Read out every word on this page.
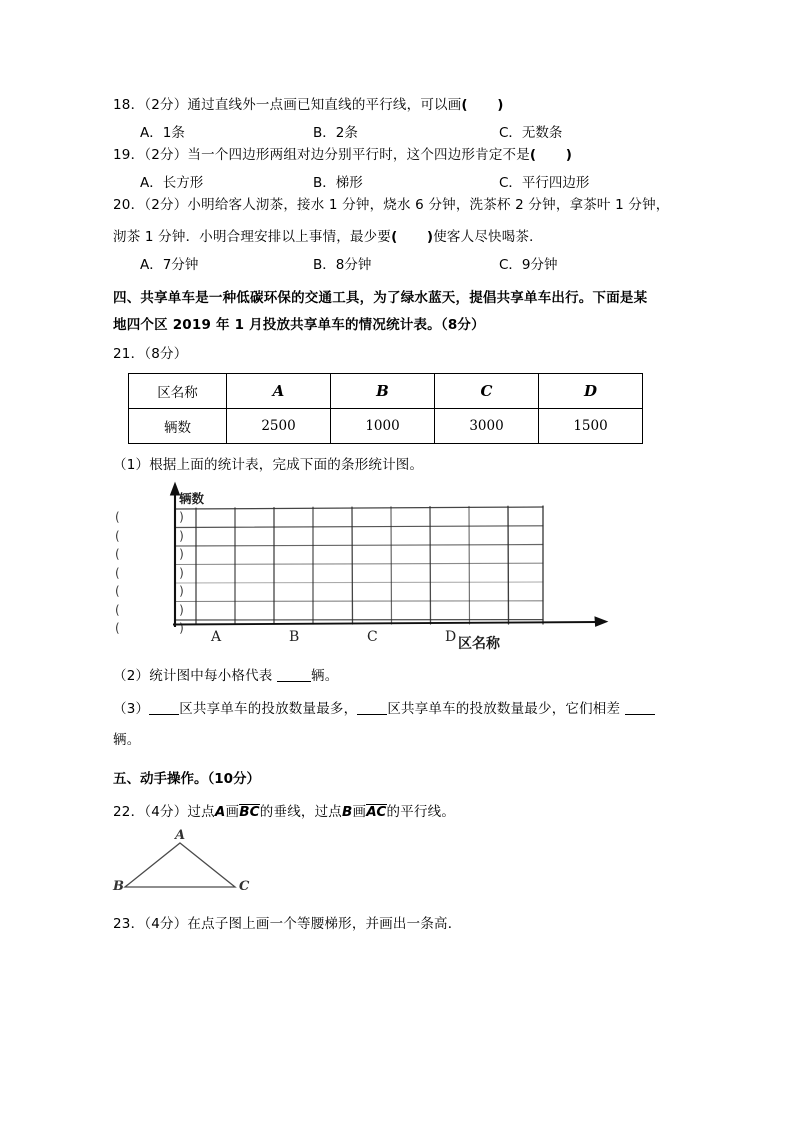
18．（2分）通过直线外一点画已知直线的平行线，可以画(      )
A．1条	B．2条	C．无数条
19．（2分）当一个四边形两组对边分别平行时，这个四边形肯定不是(      )
A．长方形	B．梯形	C．平行四边形
20．（2分）小明给客人沏茶，接水 1 分钟，烧水 6 分钟，洗茶杯 2 分钟，拿茶叶 1 分钟，
沏茶 1 分钟．小明合理安排以上事情，最少要(      )使客人尽快喝茶．
A．7分钟	B．8分钟	C．9分钟
四、共享单车是一种低碳环保的交通工具，为了绿水蓝天，提倡共享单车出行。下面是某
地四个区 2019 年 1 月投放共享单车的情况统计表。（8分）
21．（8分）
区名称	A	B	C	D
辆数	2500	1000	3000	1500
（1）根据上面的统计表，完成下面的条形统计图。
(   )
(   )
(   )
(   )
(   )
(   )
(   )
辆数
区名称
A	B	C	D
（2）统计图中每小格代表	辆。
（3） 区共享单车的投放数量最多， 区共享单车的投放数量最少，它们相差
辆。
五、动手操作。（10分）
22．（4分）过点A画BC的垂线，过点B画AC的平行线。
A
B	C
23．（4分）在点子图上画一个等腰梯形，并画出一条高．
